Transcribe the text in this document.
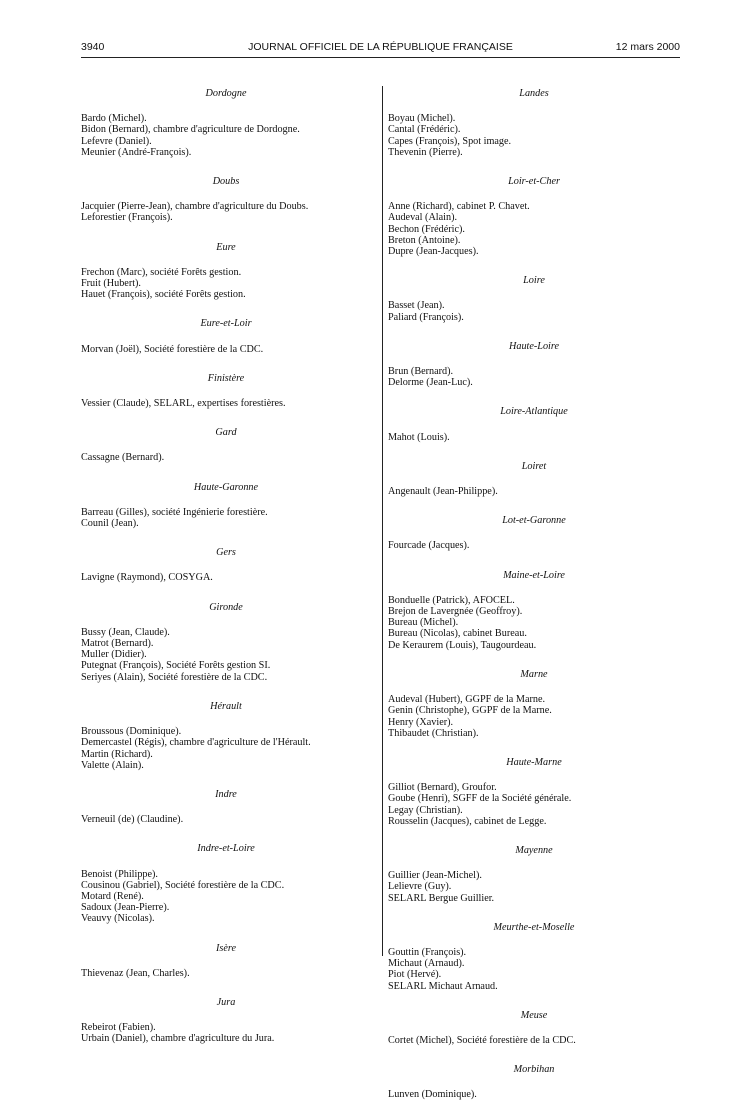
3940	JOURNAL OFFICIEL DE LA RÉPUBLIQUE FRANÇAISE	12 mars 2000
Dordogne
Bardo (Michel).
Bidon (Bernard), chambre d'agriculture de Dordogne.
Lefevre (Daniel).
Meunier (André-François).
Doubs
Jacquier (Pierre-Jean), chambre d'agriculture du Doubs.
Leforestier (François).
Eure
Frechon (Marc), société Forêts gestion.
Fruit (Hubert).
Hauet (François), société Forêts gestion.
Eure-et-Loir
Morvan (Joël), Société forestière de la CDC.
Finistère
Vessier (Claude), SELARL, expertises forestières.
Gard
Cassagne (Bernard).
Haute-Garonne
Barreau (Gilles), société Ingénierie forestière.
Counil (Jean).
Gers
Lavigne (Raymond), COSYGA.
Gironde
Bussy (Jean, Claude).
Matrot (Bernard).
Muller (Didier).
Putegnat (François), Société Forêts gestion SI.
Seriyes (Alain), Société forestière de la CDC.
Hérault
Broussous (Dominique).
Demercastel (Régis), chambre d'agriculture de l'Hérault.
Martin (Richard).
Valette (Alain).
Indre
Verneuil (de) (Claudine).
Indre-et-Loire
Benoist (Philippe).
Cousinou (Gabriel), Société forestière de la CDC.
Motard (René).
Sadoux (Jean-Pierre).
Veauvy (Nicolas).
Isère
Thievenaz (Jean, Charles).
Jura
Rebeirot (Fabien).
Urbain (Daniel), chambre d'agriculture du Jura.
Landes
Boyau (Michel).
Cantal (Frédéric).
Capes (François), Spot image.
Thevenin (Pierre).
Loir-et-Cher
Anne (Richard), cabinet P. Chavet.
Audeval (Alain).
Bechon (Frédéric).
Breton (Antoine).
Dupre (Jean-Jacques).
Loire
Basset (Jean).
Paliard (François).
Haute-Loire
Brun (Bernard).
Delorme (Jean-Luc).
Loire-Atlantique
Mahot (Louis).
Loiret
Angenault (Jean-Philippe).
Lot-et-Garonne
Fourcade (Jacques).
Maine-et-Loire
Bonduelle (Patrick), AFOCEL.
Brejon de Lavergnée (Geoffroy).
Bureau (Michel).
Bureau (Nicolas), cabinet Bureau.
De Keraurem (Louis), Taugourdeau.
Marne
Audeval (Hubert), GGPF de la Marne.
Genin (Christophe), GGPF de la Marne.
Henry (Xavier).
Thibaudet (Christian).
Haute-Marne
Gilliot (Bernard), Groufor.
Goube (Henri), SGFF de la Société générale.
Legay (Christian).
Rousselin (Jacques), cabinet de Legge.
Mayenne
Guillier (Jean-Michel).
Lelievre (Guy).
SELARL Bergue Guillier.
Meurthe-et-Moselle
Gouttin (François).
Michaut (Arnaud).
Piot (Hervé).
SELARL Michaut Arnaud.
Meuse
Cortet (Michel), Société forestière de la CDC.
Morbihan
Lunven (Dominique).
